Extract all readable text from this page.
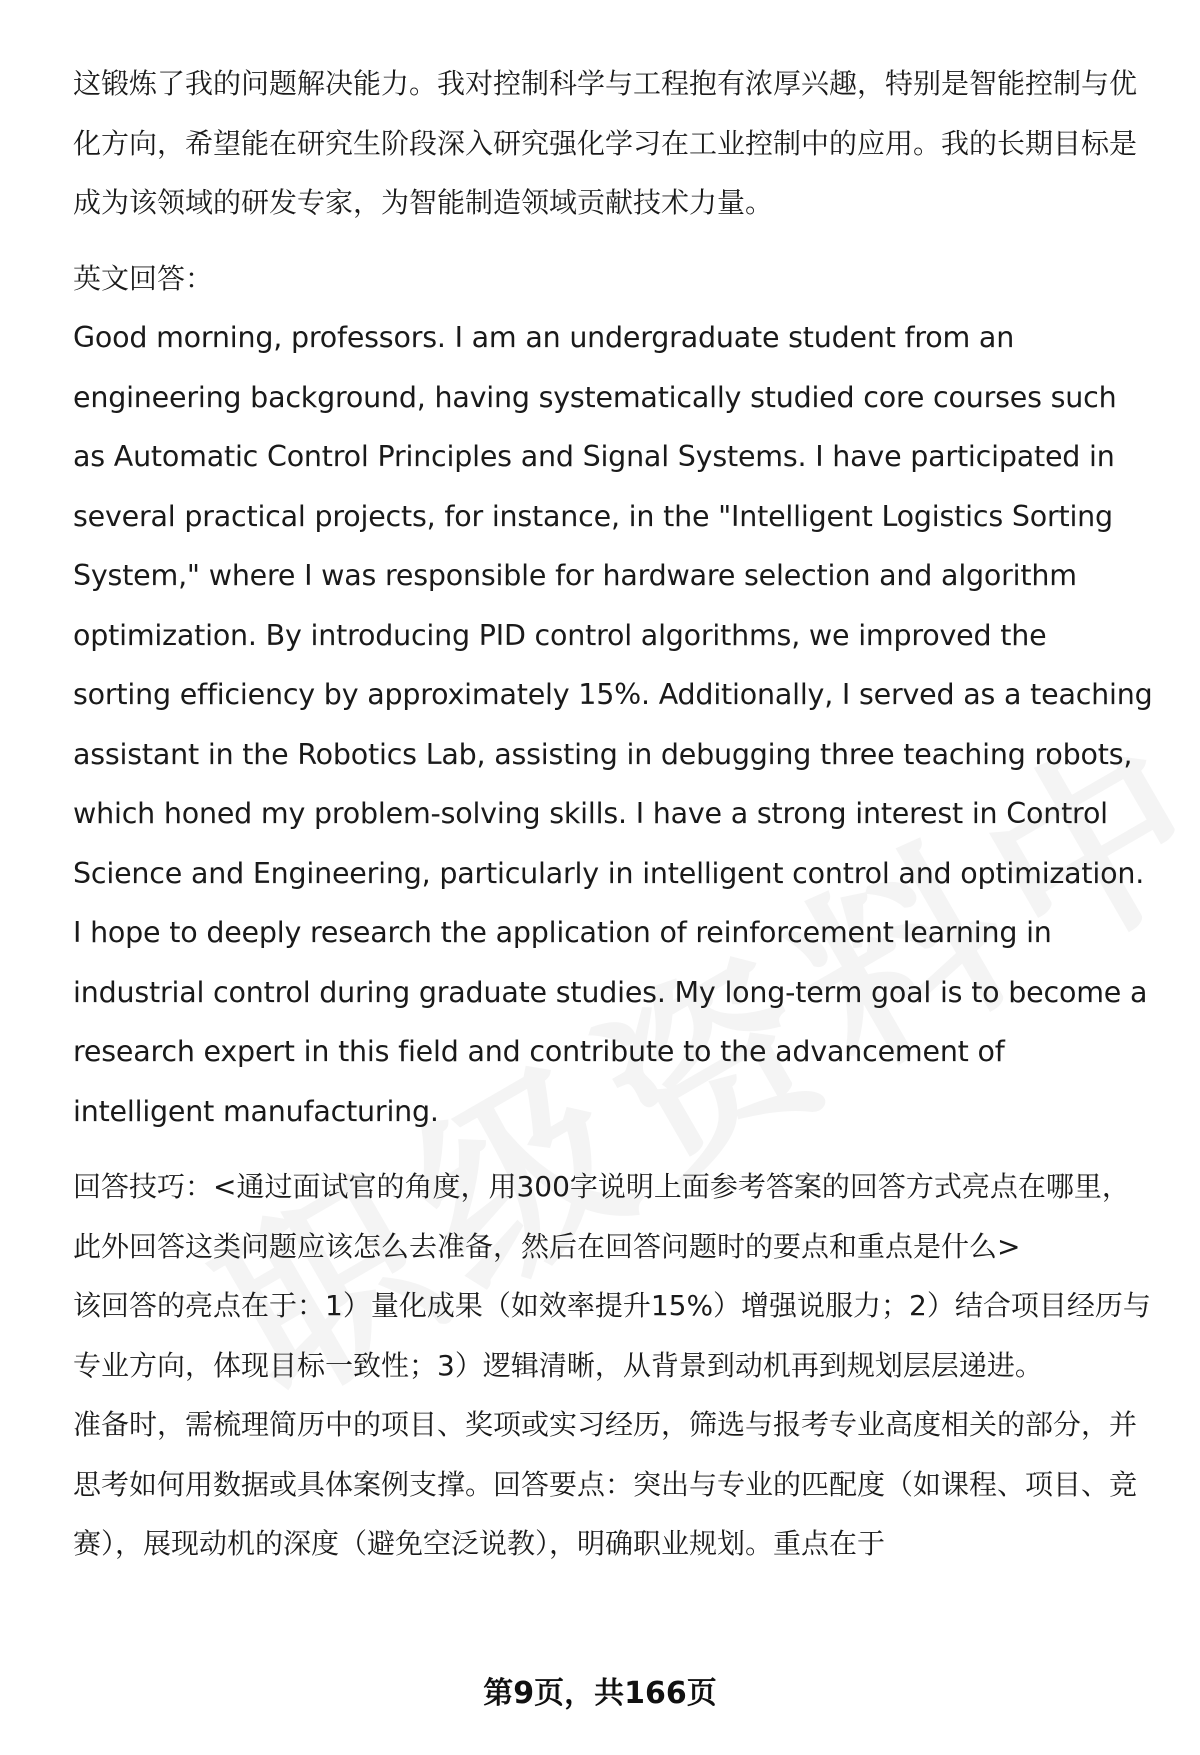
这锻炼了我的问题解决能力。我对控制科学与工程抱有浓厚兴趣，特别是智能控制与优化方向，希望能在研究生阶段深入研究强化学习在工业控制中的应用。我的长期目标是成为该领域的研发专家，为智能制造领域贡献技术力量。

英文回答：

Good morning, professors. I am an undergraduate student from an engineering background, having systematically studied core courses such as Automatic Control Principles and Signal Systems. I have participated in several practical projects, for instance, in the "Intelligent Logistics Sorting System," where I was responsible for hardware selection and algorithm optimization. By introducing PID control algorithms, we improved the sorting efficiency by approximately 15%. Additionally, I served as a teaching assistant in the Robotics Lab, assisting in debugging three teaching robots, which honed my problem-solving skills. I have a strong interest in Control Science and Engineering, particularly in intelligent control and optimization. I hope to deeply research the application of reinforcement learning in industrial control during graduate studies. My long-term goal is to become a research expert in this field and contribute to the advancement of intelligent manufacturing.

回答技巧：<通过面试官的角度，用300字说明上面参考答案的回答方式亮点在哪里，此外回答这类问题应该怎么去准备，然后在回答问题时的要点和重点是什么>

该回答的亮点在于：1）量化成果（如效率提升15%）增强说服力；2）结合项目经历与专业方向，体现目标一致性；3）逻辑清晰，从背景到动机再到规划层层递进。

准备时，需梳理简历中的项目、奖项或实习经历，筛选与报考专业高度相关的部分，并思考如何用数据或具体案例支撑。回答要点：突出与专业的匹配度（如课程、项目、竞赛），展现动机的深度（避免空泛说教），明确职业规划。重点在于

第9页，共166页
